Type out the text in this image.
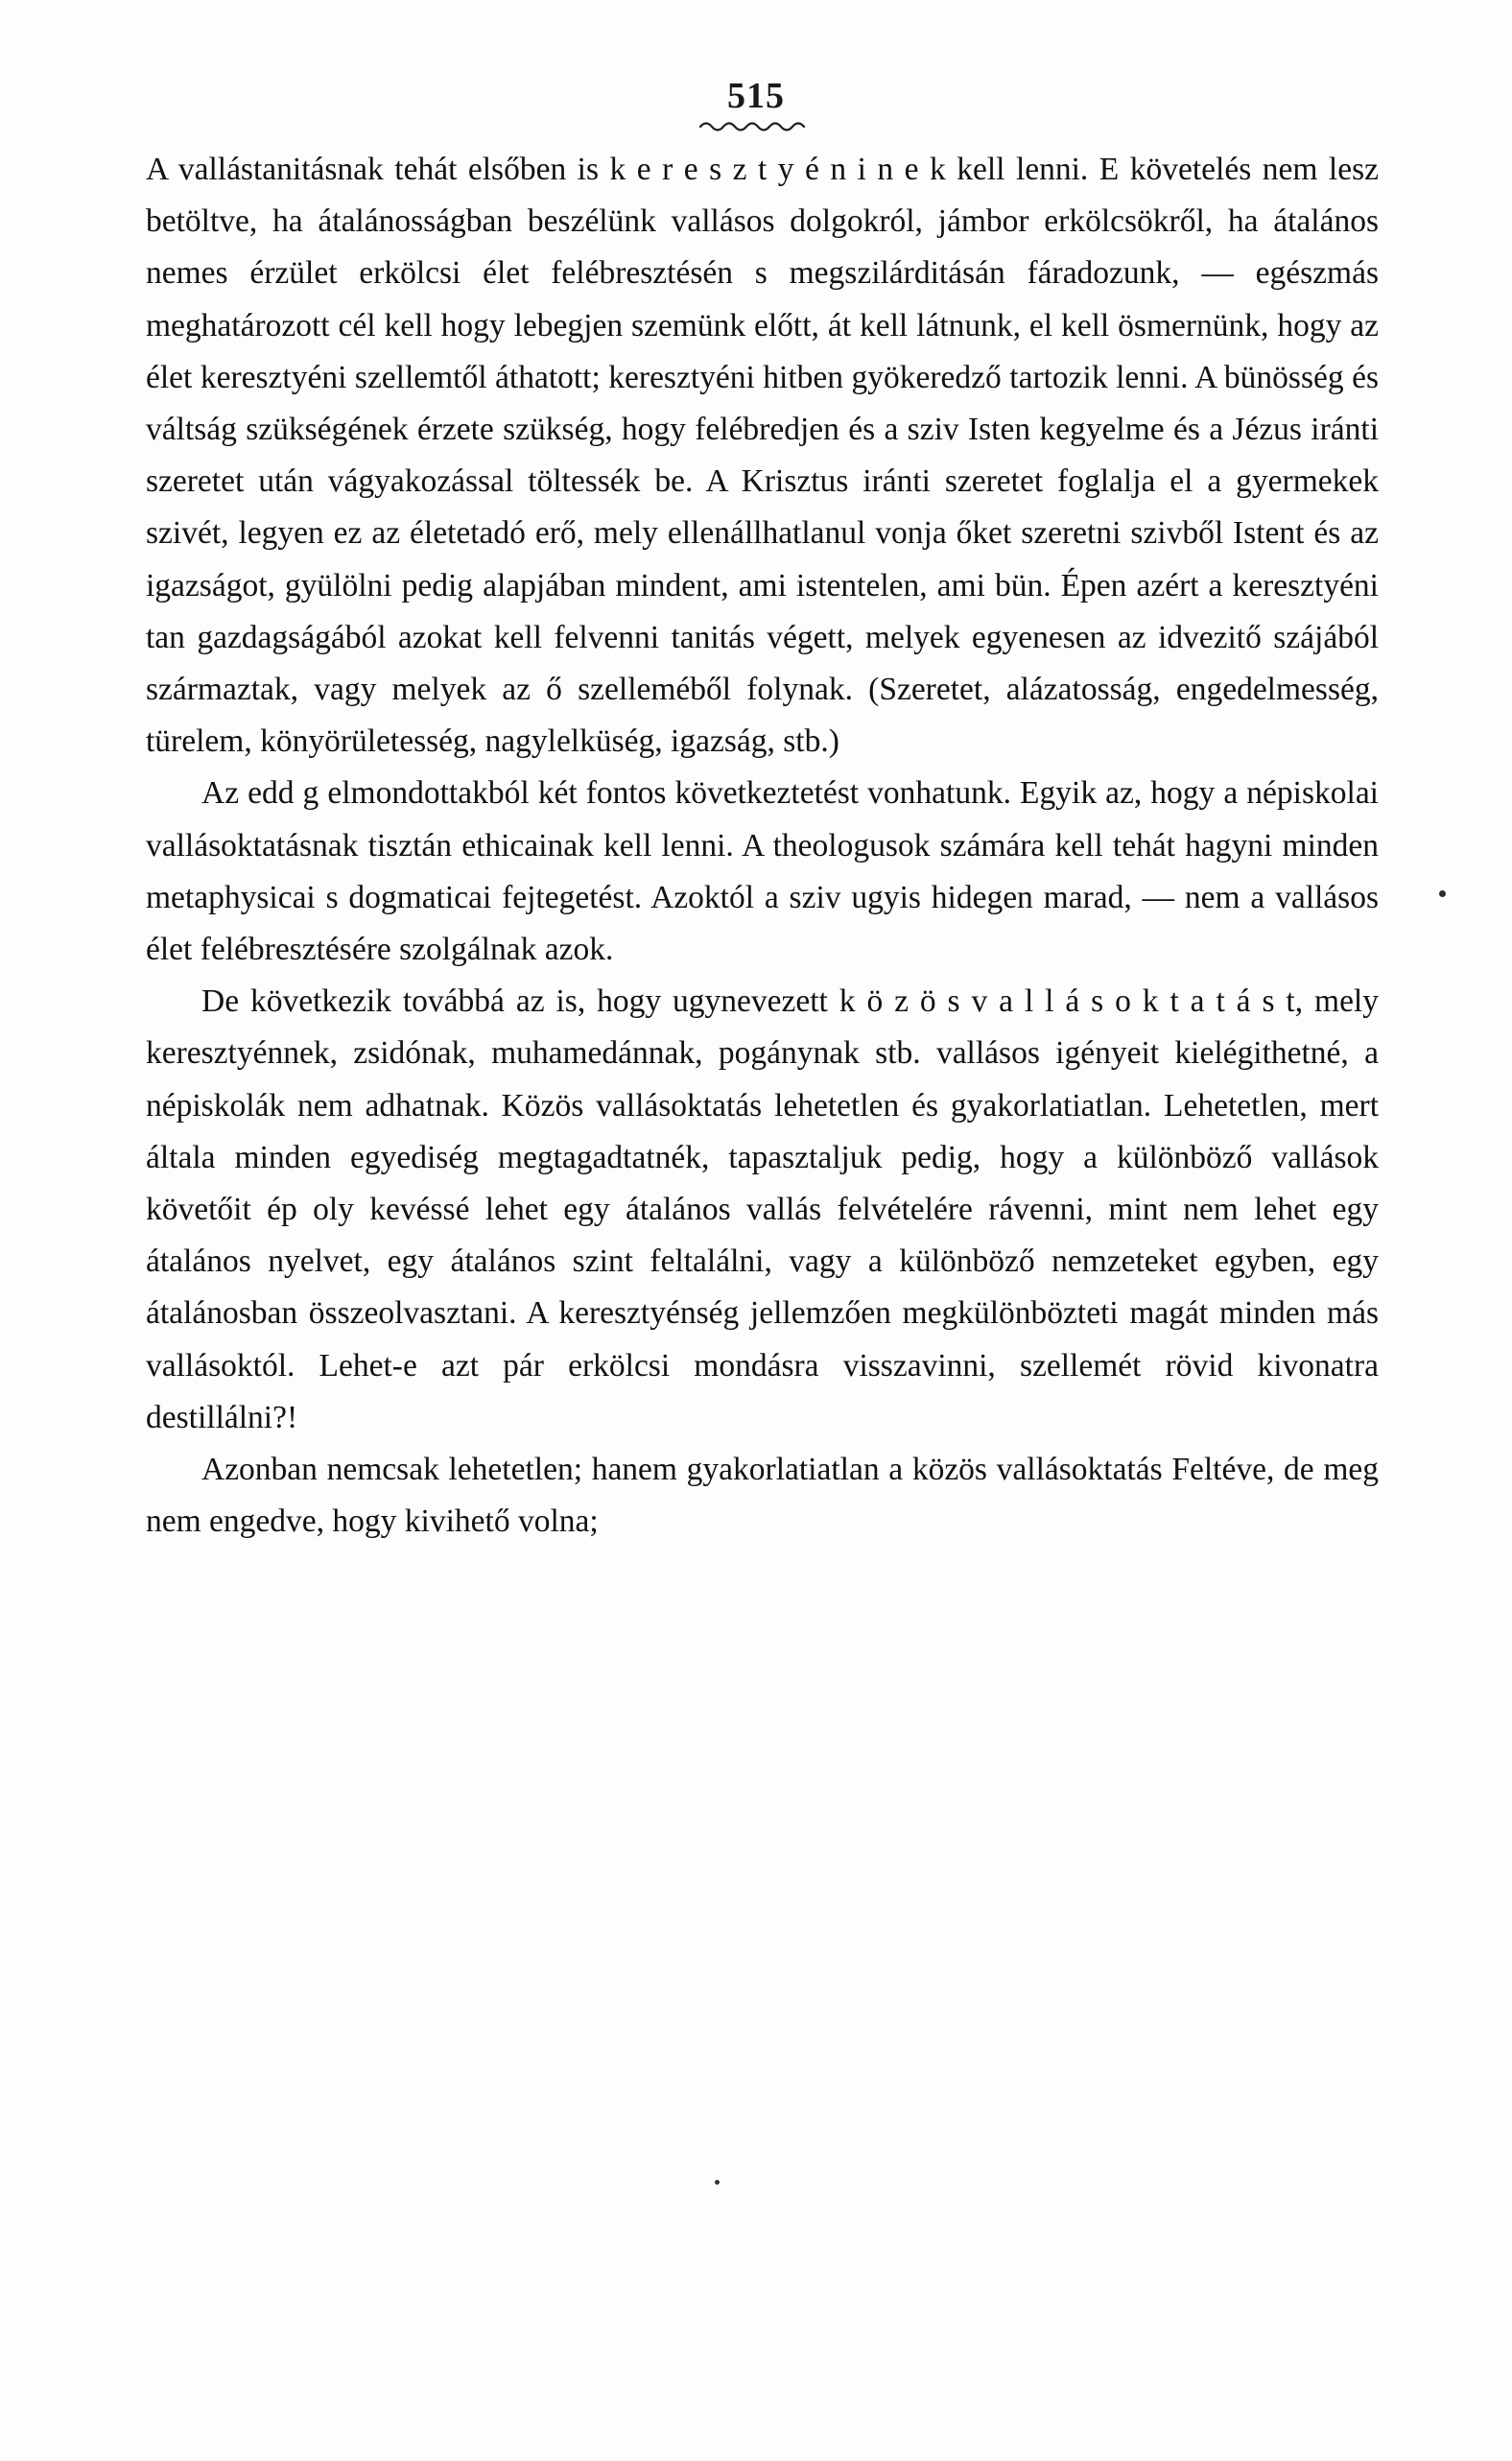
515

A vallástanitásnak tehát elsőben is k e r e s z t y é n i n e k kell lenni. E követelés nem lesz betöltve, ha átalánosságban beszélünk vallásos dolgokról, jámbor erkölcsökről, ha átalános nemes érzület erkölcsi élet felébresztésén s megszilárditásán fáradozunk, — egészmás meghatározott cél kell hogy lebegjen szemünk előtt, át kell látnunk, el kell ösmernünk, hogy az élet keresztyéni szellemtől áthatott; keresztyéni hitben gyökeredző tartozik lenni. A bünösség és váltság szükségének érzete szükség, hogy felébredjen és a sziv Isten kegyelme és a Jézus iránti szeretet után vágyakozással töltessék be. A Krisztus iránti szeretet foglalja el a gyermekek szivét, legyen ez az életetadó erő, mely ellenállhatlanul vonja őket szeretni szivből Istent és az igazságot, gyülölni pedig alapjában mindent, ami istentelen, ami bün. Épen azért a keresztyéni tan gazdagságából azokat kell felvenni tanitás végett, melyek egyenesen az idvezitő szájából származtak, vagy melyek az ő szelleméből folynak. (Szeretet, alázatosság, engedelmesség, türelem, könyörületesség, nagylelküség, igazság, stb.)

Az edd g elmondottakból két fontos következtetést vonhatunk. Egyik az, hogy a népiskolai vallásoktatásnak tisztán ethicainak kell lenni. A theologusok számára kell tehát hagyni minden metaphysicai s dogmaticai fejtegetést. Azoktól a sziv ugyis hidegen marad, — nem a vallásos élet felébresztésére szolgálnak azok.

De következik továbbá az is, hogy ugynevezett k ö z ö s v a l l á s o k t a t á s t, mely keresztyénnek, zsidónak, muhamedánnak, pogánynak stb. vallásos igényeit kielégithetné, a népiskolák nem adhatnak. Közös vallásoktatás lehetetlen és gyakorlatiatlan. Lehetetlen, mert általa minden egyediség megtagadtatnék, tapasztaljuk pedig, hogy a különböző vallások követőit ép oly kevéssé lehet egy átalános vallás felvételére rávenni, mint nem lehet egy átalános nyelvet, egy átalános szint feltalálni, vagy a különböző nemzeteket egyben, egy átalánosban összeolvasztani. A keresztyénség jellemzően megkülönbözteti magát minden más vallásoktól. Lehet-e azt pár erkölcsi mondásra visszavinni, szellemét rövid kivonatra destillálni?!

Azonban nemcsak lehetetlen; hanem gyakorlatiatlan a közös vallásoktatás Feltéve, de meg nem engedve, hogy kivihető volna;
